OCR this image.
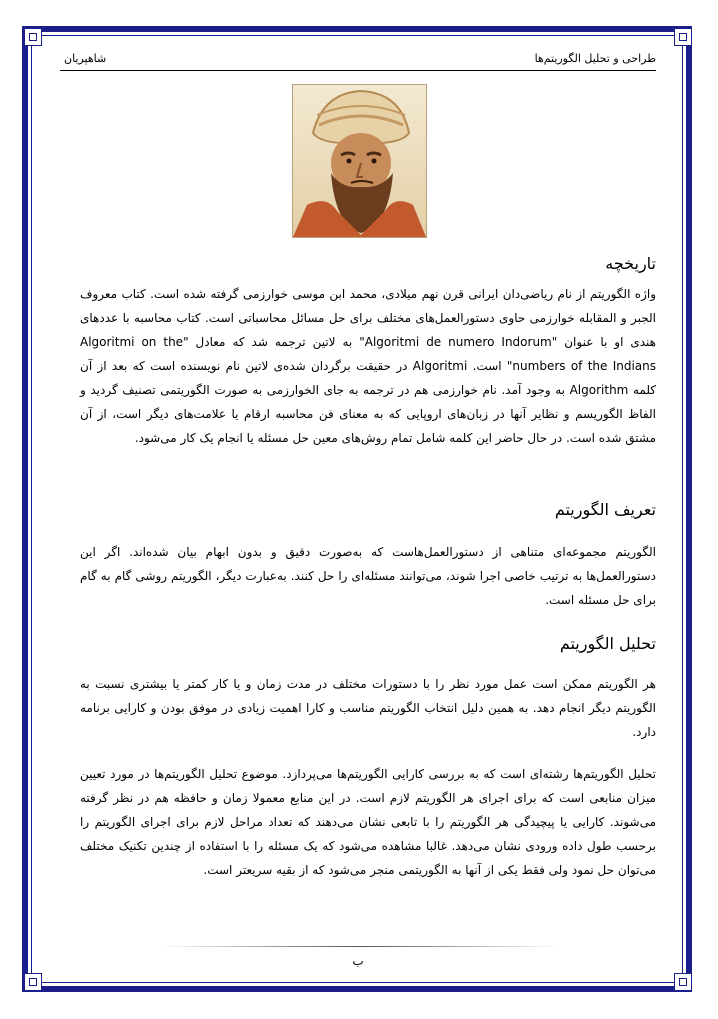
طراحی و تحلیل الگوریتم‌ها
شاهپریان
تاریخچه
واژه الگوریتم از نام ریاضی‌دان ایرانی قرن نهم میلادی، محمد ابن موسی خوارزمی گرفته شده است. کتاب معروف الجبر و المقابله خوارزمی حاوی دستورالعمل‌های مختلف برای حل مسائل محاسباتی است. کتاب محاسبه با عددهای هندی او با عنوان "Algoritmi de numero Indorum" به لاتین ترجمه شد که معادل "Algoritmi on the numbers of the Indians" است. Algoritmi در حقیقت برگردان شده‌ی لاتین نام نویسنده است که بعد از آن کلمه Algorithm به وجود آمد. نام خوارزمی هم در ترجمه به جای الخوارزمی به صورت الگوریتمی تصنیف گردید و الفاظ الگوریسم و نظایر آنها در زبان‌های اروپایی که به معنای فن محاسبه ارقام یا علامت‌های دیگر است، از آن مشتق شده است. در حال حاضر این کلمه شامل تمام روش‌های معین حل مسئله یا انجام یک کار می‌شود.
تعریف الگوریتم
الگوریتم مجموعه‌ای متناهی از دستورالعمل‌هاست که به‌صورت دقیق و بدون ابهام بیان شده‌اند. اگر این دستورالعمل‌ها به ترتیب خاصی اجرا شوند، می‌توانند مسئله‌ای را حل کنند. به‌عبارت دیگر، الگوریتم روشی گام به گام برای حل مسئله است.
تحلیل الگوریتم
هر الگوریتم ممکن است عمل مورد نظر را با دستورات مختلف در مدت زمان و یا کار کمتر یا بیشتری نسبت به الگوریتم دیگر انجام دهد. به همین دلیل انتخاب الگوریتم مناسب و کارا اهمیت زیادی در موفق بودن و کارایی برنامه دارد.
تحلیل الگوریتم‌ها رشته‌ای است که به بررسی کارایی الگوریتم‌ها می‌پردازد. موضوع تحلیل الگوریتم‌ها در مورد تعیین میزان منابعی است که برای اجرای هر الگوریتم لازم است. در این منابع معمولا زمان و حافظه هم در نظر گرفته می‌شوند. کارایی یا پیچیدگی هر الگوریتم را با تابعی نشان می‌دهند که تعداد مراحل لازم برای اجرای الگوریتم را برحسب طول داده ورودی نشان می‌دهد. غالبا مشاهده می‌شود که یک مسئله را با استفاده از چندین تکنیک مختلف می‌توان حل نمود ولی فقط یکی از آنها به الگوریتمی منجر می‌شود که از بقیه سریعتر است.
ب
